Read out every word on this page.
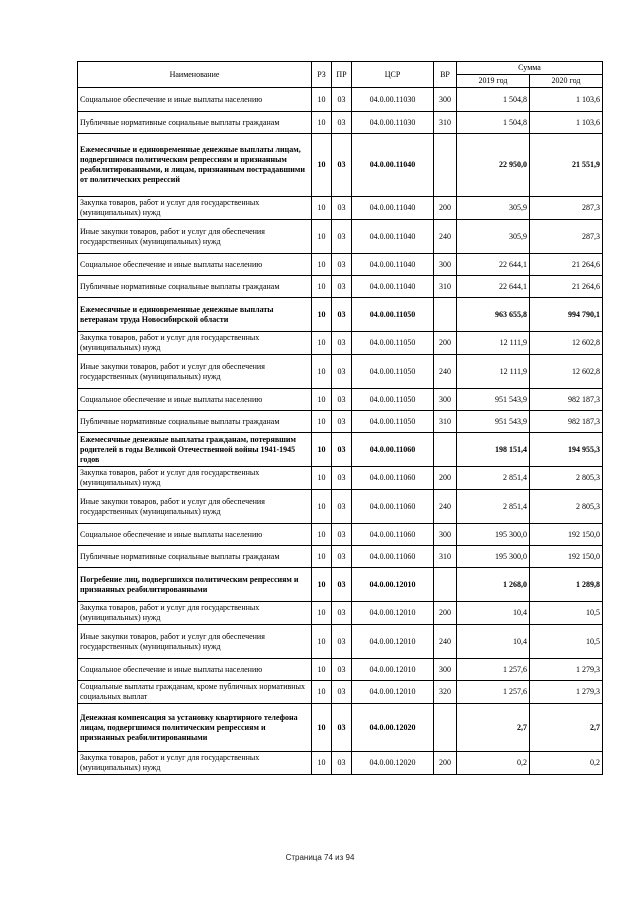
Наименование	РЗ	ПР	ЦСР	ВР	Сумма	
					2019 год	2020 год
Социальное обеспечение и иные выплаты населению	10	03	04.0.00.11030	300	1 504,8	1 103,6
Публичные нормативные социальные выплаты гражданам	10	03	04.0.00.11030	310	1 504,8	1 103,6
Ежемесячные и единовременные денежные выплаты лицам, подвергшимся политическим репрессиям и признанным реабилитированными, и лицам, признанным пострадавшими от политических репрессий	10	03	04.0.00.11040		22 950,0	21 551,9
Закупка товаров, работ и услуг для государственных (муниципальных) нужд	10	03	04.0.00.11040	200	305,9	287,3
Иные закупки товаров, работ и услуг для обеспечения государственных (муниципальных) нужд	10	03	04.0.00.11040	240	305,9	287,3
Социальное обеспечение и иные выплаты населению	10	03	04.0.00.11040	300	22 644,1	21 264,6
Публичные нормативные социальные выплаты гражданам	10	03	04.0.00.11040	310	22 644,1	21 264,6
Ежемесячные и единовременные денежные выплаты ветеранам труда Новосибирской области	10	03	04.0.00.11050		963 655,8	994 790,1
Закупка товаров, работ и услуг для государственных (муниципальных) нужд	10	03	04.0.00.11050	200	12 111,9	12 602,8
Иные закупки товаров, работ и услуг для обеспечения государственных (муниципальных) нужд	10	03	04.0.00.11050	240	12 111,9	12 602,8
Социальное обеспечение и иные выплаты населению	10	03	04.0.00.11050	300	951 543,9	982 187,3
Публичные нормативные социальные выплаты гражданам	10	03	04.0.00.11050	310	951 543,9	982 187,3
Ежемесячные денежные выплаты гражданам, потерявшим родителей в годы Великой Отечественной войны 1941-1945 годов	10	03	04.0.00.11060		198 151,4	194 955,3
Закупка товаров, работ и услуг для государственных (муниципальных) нужд	10	03	04.0.00.11060	200	2 851,4	2 805,3
Иные закупки товаров, работ и услуг для обеспечения государственных (муниципальных) нужд	10	03	04.0.00.11060	240	2 851,4	2 805,3
Социальное обеспечение и иные выплаты населению	10	03	04.0.00.11060	300	195 300,0	192 150,0
Публичные нормативные социальные выплаты гражданам	10	03	04.0.00.11060	310	195 300,0	192 150,0
Погребение лиц, подвергшихся политическим репрессиям и признанных реабилитированными	10	03	04.0.00.12010		1 268,0	1 289,8
Закупка товаров, работ и услуг для государственных (муниципальных) нужд	10	03	04.0.00.12010	200	10,4	10,5
Иные закупки товаров, работ и услуг для обеспечения государственных (муниципальных) нужд	10	03	04.0.00.12010	240	10,4	10,5
Социальное обеспечение и иные выплаты населению	10	03	04.0.00.12010	300	1 257,6	1 279,3
Социальные выплаты гражданам, кроме публичных нормативных социальных выплат	10	03	04.0.00.12010	320	1 257,6	1 279,3
Денежная компенсация за установку квартирного телефона лицам, подвергшимся политическим репрессиям и признанных реабилитированными	10	03	04.0.00.12020		2,7	2,7
Закупка товаров, работ и услуг для государственных (муниципальных) нужд	10	03	04.0.00.12020	200	0,2	0,2
Страница 74 из 94
